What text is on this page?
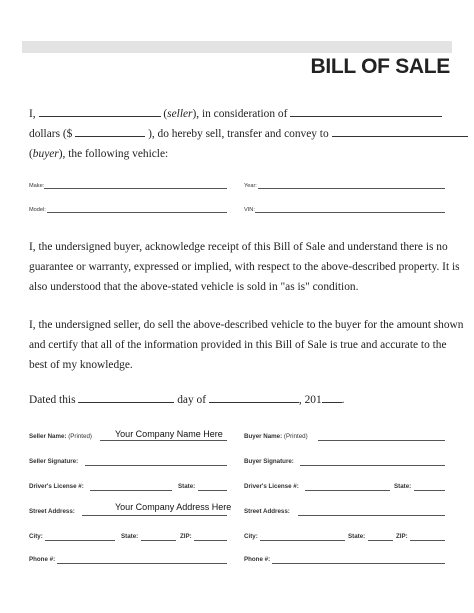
BILL OF SALE
I,	(seller), in consideration of
dollars ($	), do hereby sell, transfer and convey to
(buyer), the following vehicle:
Make:	Year:
Model:	VIN:
I, the undersigned buyer, acknowledge receipt of this Bill of Sale and understand there is no
guarantee or warranty, expressed or implied, with respect to the above-described property. It is
also understood that the above-stated vehicle is sold in "as is" condition.
I, the undersigned seller, do sell the above-described vehicle to the buyer for the amount shown
and certify that all of the information provided in this Bill of Sale is true and accurate to the
best of my knowledge.
Dated this	day of	, 201 .
Seller Name: (Printed)	Your Company Name Here
Seller Signature:
Driver's License #:	State:
Street Address:	Your Company Address Here
City:	State:	ZIP:
Phone #:
Buyer Name: (Printed)
Buyer Signature:
Driver's License #:	State:
Street Address:
City:	State:	ZIP:
Phone #:
